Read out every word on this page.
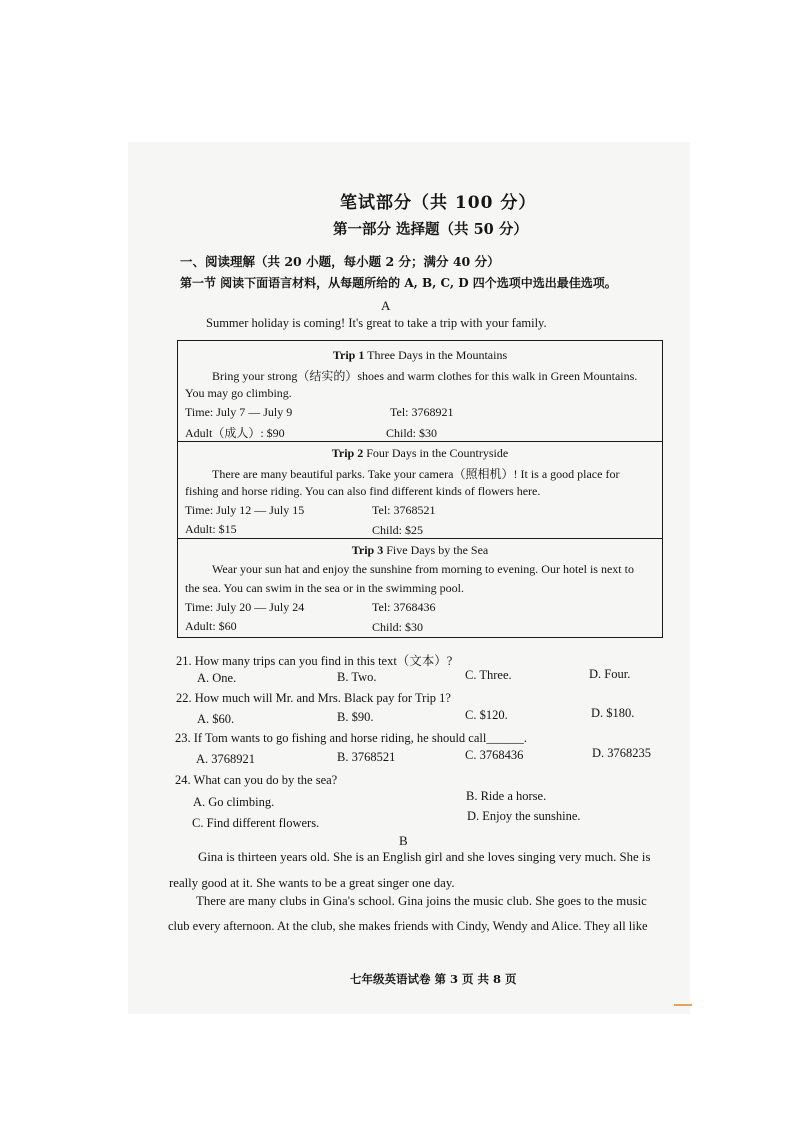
笔试部分（共 100 分）
第一部分 选择题（共 50 分）
一、阅读理解（共 20 小题，每小题 2 分；满分 40 分）
第一节 阅读下面语言材料，从每题所给的 A, B, C, D 四个选项中选出最佳选项。
A
Summer holiday is coming! It's great to take a trip with your family.
Trip 1 Three Days in the Mountains
Bring your strong（结实的）shoes and warm clothes for this walk in Green Mountains.
You may go climbing.
Time: July 7 — July 9	Tel: 3768921
Adult（成人）: $90	Child: $30
Trip 2 Four Days in the Countryside
There are many beautiful parks. Take your camera（照相机）! It is a good place for
fishing and horse riding. You can also find different kinds of flowers here.
Time: July 12 — July 15	Tel: 3768521
Adult: $15	Child: $25
Trip 3 Five Days by the Sea
Wear your sun hat and enjoy the sunshine from morning to evening. Our hotel is next to
the sea. You can swim in the sea or in the swimming pool.
Time: July 20 — July 24	Tel: 3768436
Adult: $60	Child: $30
21. How many trips can you find in this text（文本）?
A. One.	B. Two.	C. Three.	D. Four.
22. How much will Mr. and Mrs. Black pay for Trip 1?
A. $60.	B. $90.	C. $120.	D. $180.
23. If Tom wants to go fishing and horse riding, he should call______.
A. 3768921	B. 3768521	C. 3768436	D. 3768235
24. What can you do by the sea?
A. Go climbing.	B. Ride a horse.
C. Find different flowers.	D. Enjoy the sunshine.
B
Gina is thirteen years old. She is an English girl and she loves singing very much. She is
really good at it. She wants to be a great singer one day.
There are many clubs in Gina's school. Gina joins the music club. She goes to the music
club every afternoon. At the club, she makes friends with Cindy, Wendy and Alice. They all like
七年级英语试卷 第 3 页 共 8 页
